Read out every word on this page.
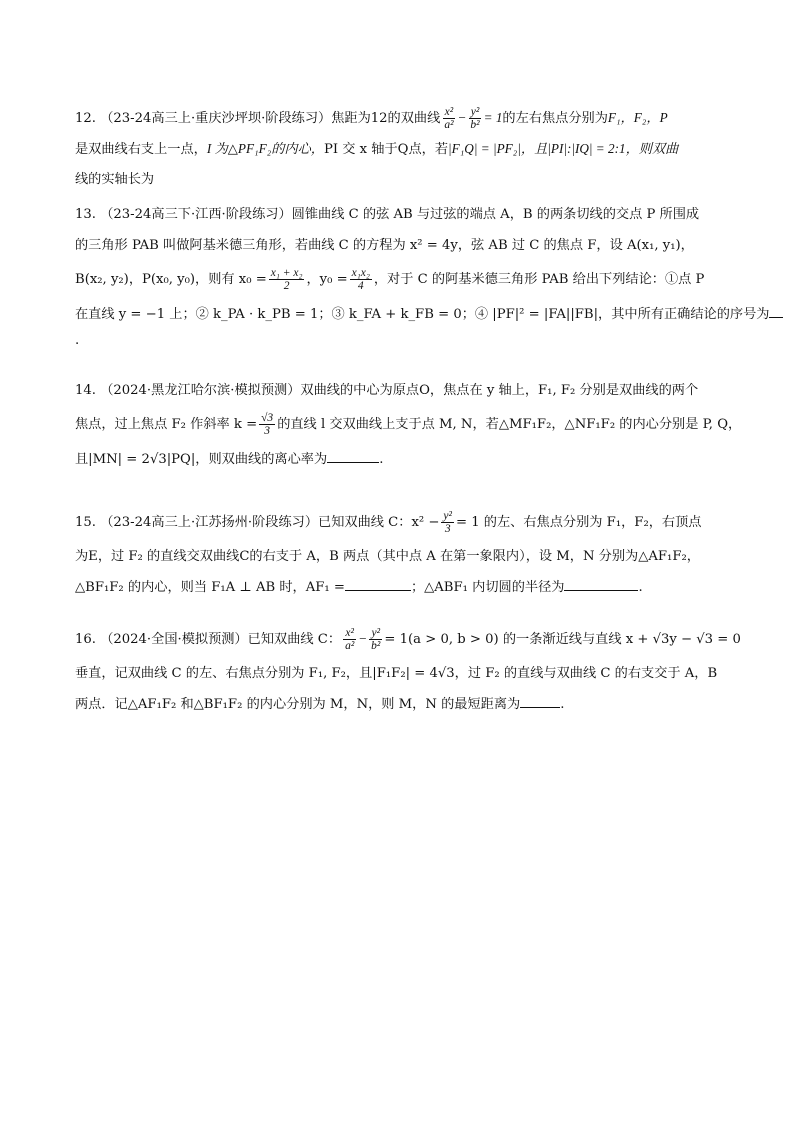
12. （23-24高三上·重庆沙坪坝·阶段练习）焦距为12的双曲线 $\frac{\text{x²}}{\text{a²}} - \frac{\text{y²}}{\text{b²}} = 1$的左右焦点分别为F₁，F₂，P
是双曲线右支上一点，I 为△PF₁F₂的内心，PI 交 x 轴于Q点，若|F₁Q| = |PF₂|，且|PI|:|IQ| = 2:1，则双曲
线的实轴长为
13. （23-24高三下·江西·阶段练习）圆锥曲线 C 的弦 AB 与过弦的端点 A，B 的两条切线的交点 P 所围成
的三角形 PAB 叫做阿基米德三角形，若曲线 C 的方程为 x² = 4y，弦 AB 过 C 的焦点 F，设 A(x₁, y₁)，
B(x₂, y₂)，P(x₀, y₀)，则有 $x_0 = \frac{\text{x₁ + x₂}}{2}$ ，$y_0 = \frac{\text{x₁x₂}}{4}$ ，对于 C 的阿基米德三角形 PAB 给出下列结论：①点 P
在直线 y = −1 上；② k_PA · k_PB = 1；③ k_FA + k_FB = 0；④ |PF|² = |FA||FB|，其中所有正确结论的序号为
.
14. （2024·黑龙江哈尔滨·模拟预测）双曲线的中心为原点O，焦点在 y 轴上，F₁, F₂ 分别是双曲线的两个
焦点，过上焦点 F₂ 作斜率 $k = \frac{√3}{3}$ 的直线 l 交双曲线上支于点 M, N，若△MF₁F₂，△NF₁F₂ 的内心分别是 P, Q，
且|MN| = 2√3|PQ|，则双曲线的离心率为	.
15. （23-24高三上·江苏扬州·阶段练习）已知双曲线 C：$x^2 - \frac{\text{y²}}{3} = 1$ 的左、右焦点分别为 F₁，F₂，右顶点
为E，过 F₂ 的直线交双曲线C的右支于 A，B 两点（其中点 A 在第一象限内），设 M，N 分别为△AF₁F₂，
△BF₁F₂ 的内心，则当 F₁A ⊥ AB 时，AF₁ =	；△ABF₁ 内切圆的半径为	.
16. （2024·全国·模拟预测）已知双曲线 C： $\frac{\text{x²}}{\text{a²}} - \frac{\text{y²}}{\text{b²}} = 1(a > 0$, b > 0) 的一条渐近线与直线 x + √3y − √3 = 0
垂直，记双曲线 C 的左、右焦点分别为 F₁, F₂，且|F₁F₂| = 4√3，过 F₂ 的直线与双曲线 C 的右支交于 A，B
两点．记△AF₁F₂ 和△BF₁F₂ 的内心分别为 M，N，则 M，N 的最短距离为	.
